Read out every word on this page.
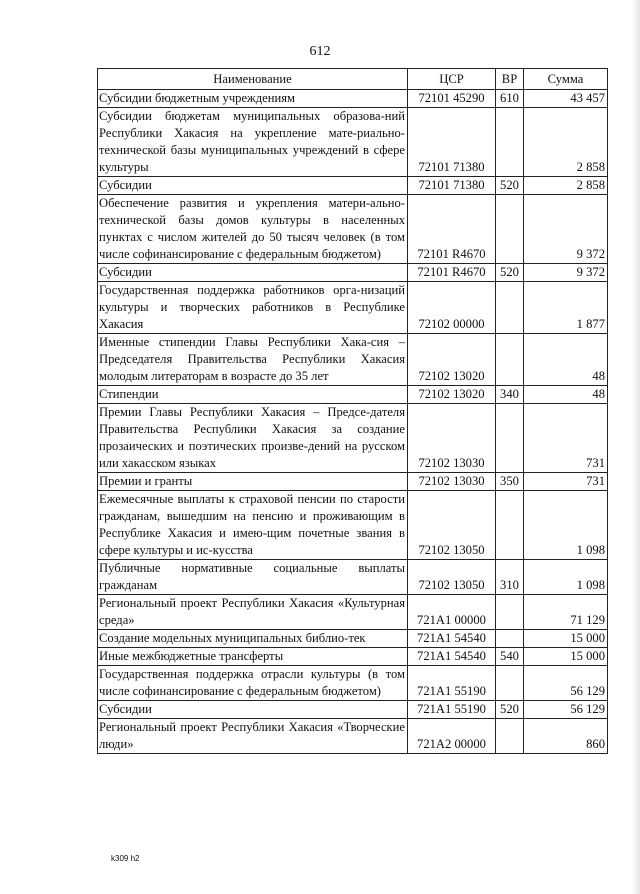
612
Наименование	ЦСР	ВР	Сумма
Субсидии бюджетным учреждениям	72101 45290	610	43 457
Субсидии бюджетам муниципальных образова-ний Республики Хакасия на укрепление мате-риально-технической базы муниципальных учреждений в сфере культуры	72101 71380		2 858
Субсидии	72101 71380	520	2 858
Обеспечение развития и укрепления матери-ально-технической базы домов культуры в населенных пунктах с числом жителей до 50 тысяч человек (в том числе софинансирование с федеральным бюджетом)	72101 R4670		9 372
Субсидии	72101 R4670	520	9 372
Государственная поддержка работников орга-низаций культуры и творческих работников в Республике Хакасия	72102 00000		1 877
Именные стипендии Главы Республики Хака-сия – Председателя Правительства Республики Хакасия молодым литераторам в возрасте до 35 лет	72102 13020		48
Стипендии	72102 13020	340	48
Премии Главы Республики Хакасия – Предсе-дателя Правительства Республики Хакасия за создание прозаических и поэтических произве-дений на русском или хакасском языках	72102 13030		731
Премии и гранты	72102 13030	350	731
Ежемесячные выплаты к страховой пенсии по старости гражданам, вышедшим на пенсию и проживающим в Республике Хакасия и имею-щим почетные звания в сфере культуры и ис-кусства	72102 13050		1 098
Публичные нормативные социальные выплаты гражданам	72102 13050	310	1 098
Региональный проект Республики Хакасия «Культурная среда»	721A1 00000		71 129
Создание модельных муниципальных библио-тек	721A1 54540		15 000
Иные межбюджетные трансферты	721A1 54540	540	15 000
Государственная поддержка отрасли культуры (в том числе софинансирование с федеральным бюджетом)	721A1 55190		56 129
Субсидии	721A1 55190	520	56 129
Региональный проект Республики Хакасия «Творческие люди»	721A2 00000		860
k309 h2
